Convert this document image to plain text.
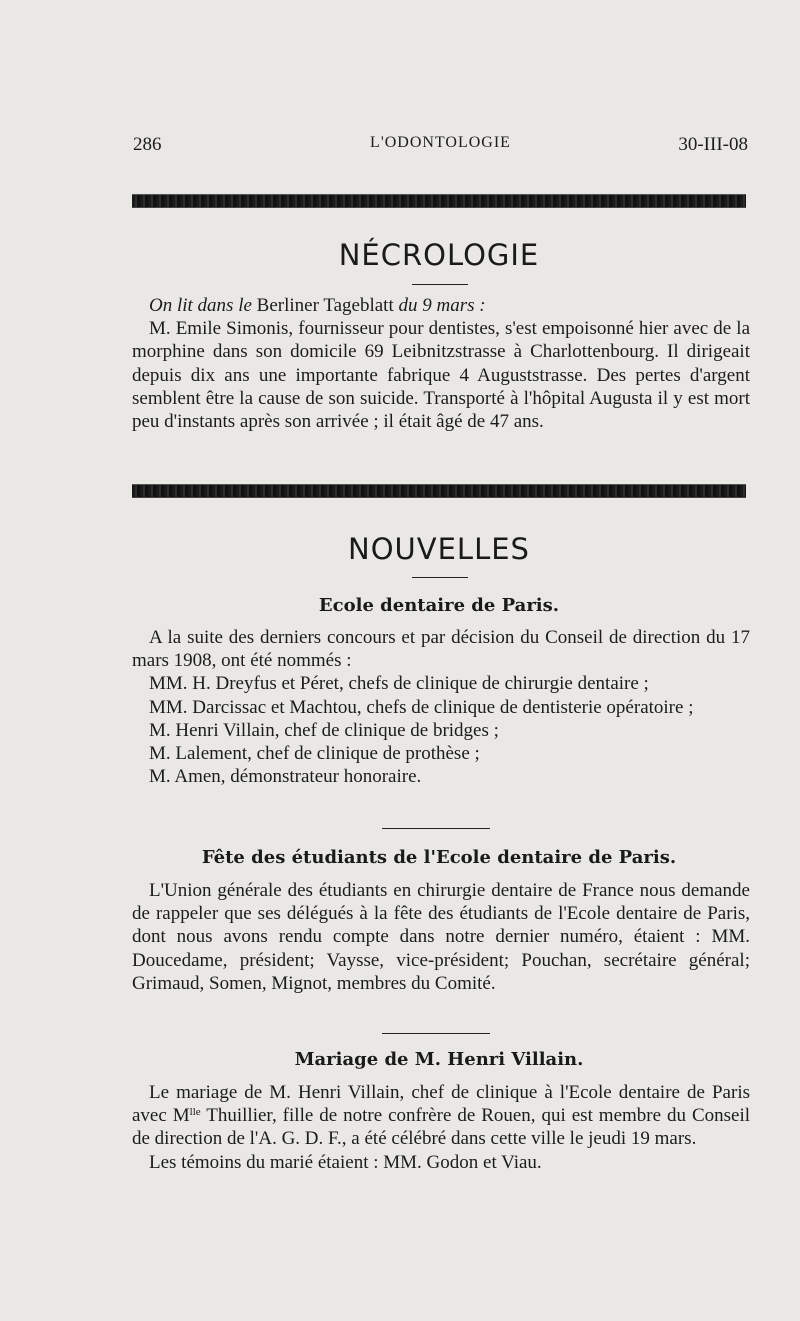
286	L'ODONTOLOGIE	30-III-08
NÉCROLOGIE

On lit dans le Berliner Tageblatt du 9 mars :

M. Emile Simonis, fournisseur pour dentistes, s'est empoisonné hier avec de la morphine dans son domicile 69 Leibnitzstrasse à Charlottenbourg. Il dirigeait depuis dix ans une importante fabrique 4 Auguststrasse. Des pertes d'argent semblent être la cause de son suicide. Transporté à l'hôpital Augusta il y est mort peu d'instants après son arrivée ; il était âgé de 47 ans.

NOUVELLES
Ecole dentaire de Paris.

A la suite des derniers concours et par décision du Conseil de direction du 17 mars 1908, ont été nommés :

MM. H. Dreyfus et Péret, chefs de clinique de chirurgie dentaire ;

MM. Darcissac et Machtou, chefs de clinique de dentisterie opératoire ;

M. Henri Villain, chef de clinique de bridges ;

M. Lalement, chef de clinique de prothèse ;

M. Amen, démonstrateur honoraire.

Fête des étudiants de l'Ecole dentaire de Paris.

L'Union générale des étudiants en chirurgie dentaire de France nous demande de rappeler que ses délégués à la fête des étudiants de l'Ecole dentaire de Paris, dont nous avons rendu compte dans notre dernier numéro, étaient : MM. Doucedame, président; Vaysse, vice-président; Pouchan, secrétaire général; Grimaud, Somen, Mignot, membres du Comité.

Mariage de M. Henri Villain.

Le mariage de M. Henri Villain, chef de clinique à l'Ecole dentaire de Paris avec $M^{lle}$ Thuillier, fille de notre confrère de Rouen, qui est membre du Conseil de direction de l'A. G. D. F., a été célébré dans cette ville le jeudi 19 mars.

Les témoins du marié étaient : MM. Godon et Viau.
